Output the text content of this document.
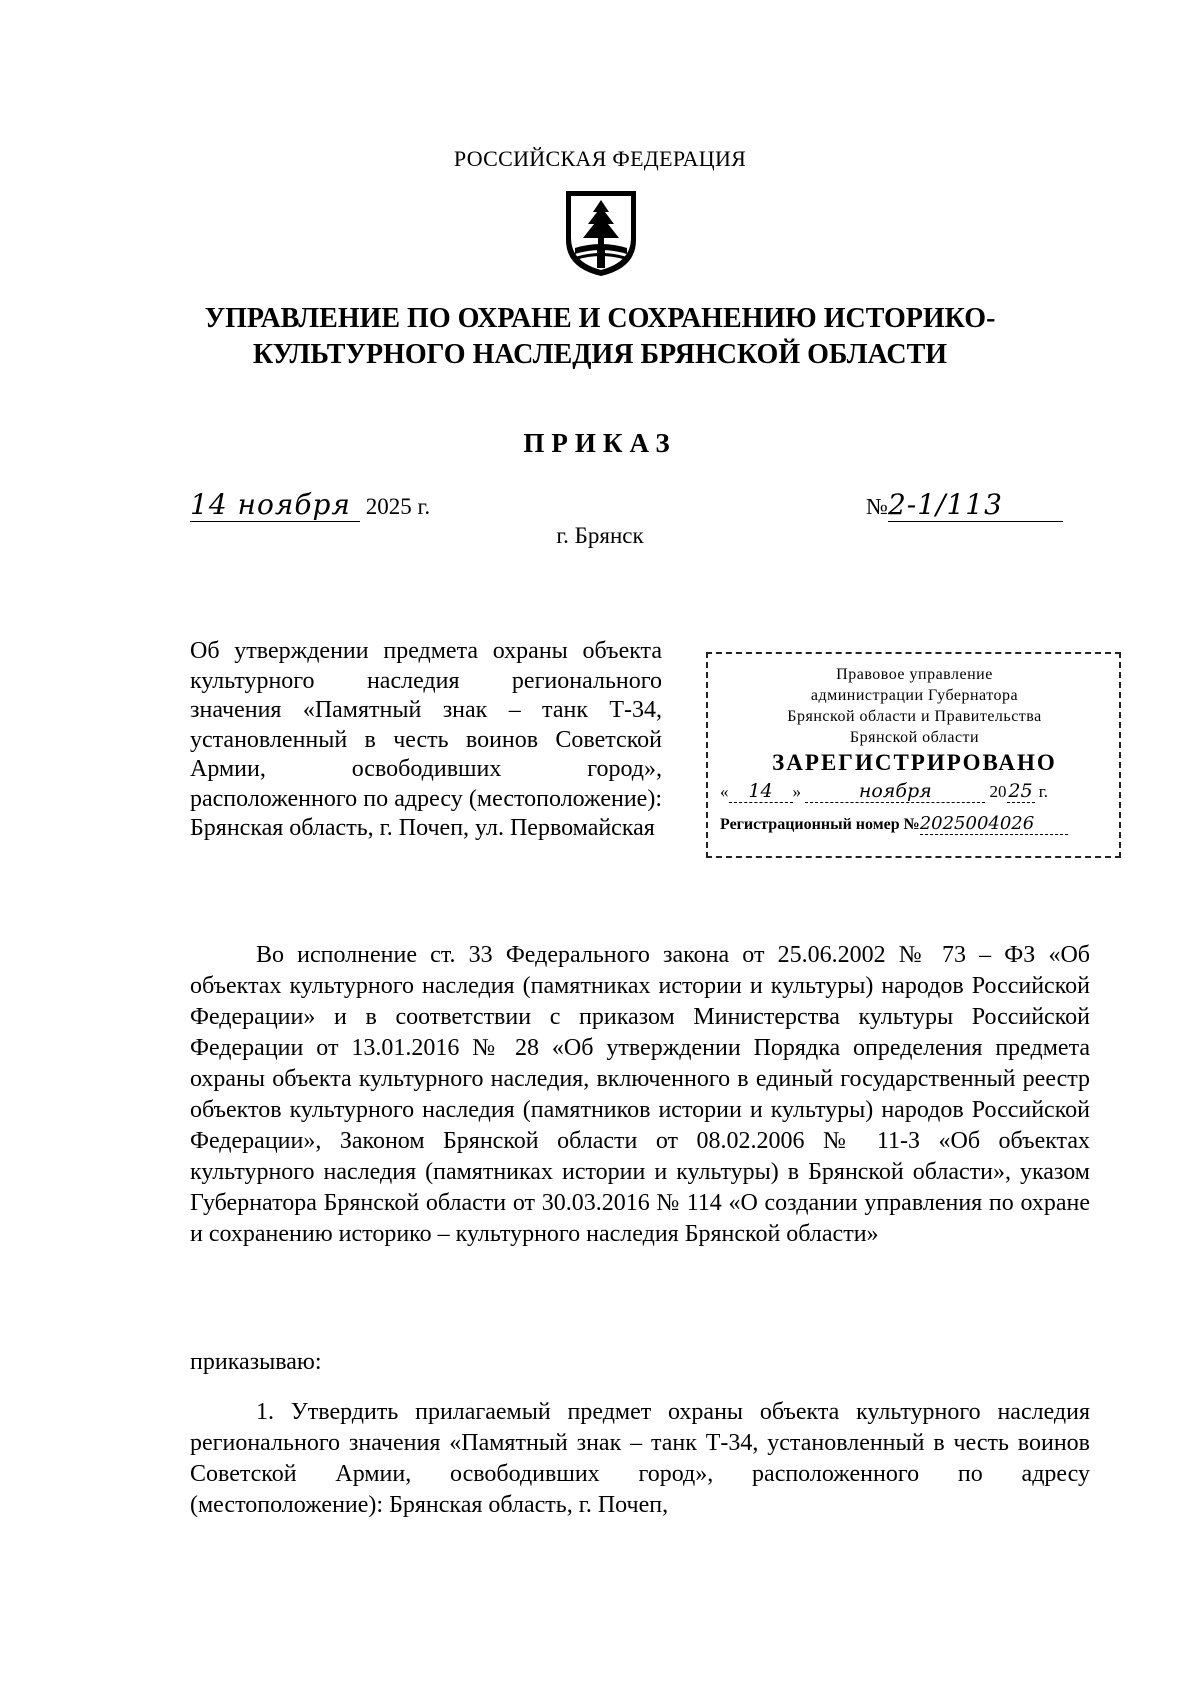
РОССИЙСКАЯ ФЕДЕРАЦИЯ
УПРАВЛЕНИЕ ПО ОХРАНЕ И СОХРАНЕНИЮ ИСТОРИКО-
КУЛЬТУРНОГО НАСЛЕДИЯ БРЯНСКОЙ ОБЛАСТИ
ПРИКАЗ
14 ноября 2025 г.	№2-1/113
г. Брянск
Об утверждении предмета охраны объекта культурного наследия регионального значения «Памятный знак – танк Т-34, установленный в честь воинов Советской Армии, освободивших город», расположенного по адресу (местоположение): Брянская область, г. Почеп, ул. Первомайская
Правовое управление
администрации Губернатора
Брянской области и Правительства
Брянской области
ЗАРЕГИСТРИРОВАНО
« 14 »	ноября	20 25 г.
Регистрационный номер №2025004026
Во исполнение ст. 33 Федерального закона от 25.06.2002 № 73 – ФЗ «Об объектах культурного наследия (памятниках истории и культуры) народов Российской Федерации» и в соответствии с приказом Министерства культуры Российской Федерации от 13.01.2016 № 28 «Об утверждении Порядка определения предмета охраны объекта культурного наследия, включенного в единый государственный реестр объектов культурного наследия (памятников истории и культуры) народов Российской Федерации», Законом Брянской области от 08.02.2006 № 11-З «Об объектах культурного наследия (памятниках истории и культуры) в Брянской области», указом Губернатора Брянской области от 30.03.2016 № 114 «О создании управления по охране и сохранению историко – культурного наследия Брянской области»
приказываю:
1. Утвердить прилагаемый предмет охраны объекта культурного наследия регионального значения «Памятный знак – танк Т-34, установленный в честь воинов Советской Армии, освободивших город», расположенного по адресу (местоположение): Брянская область, г. Почеп,
